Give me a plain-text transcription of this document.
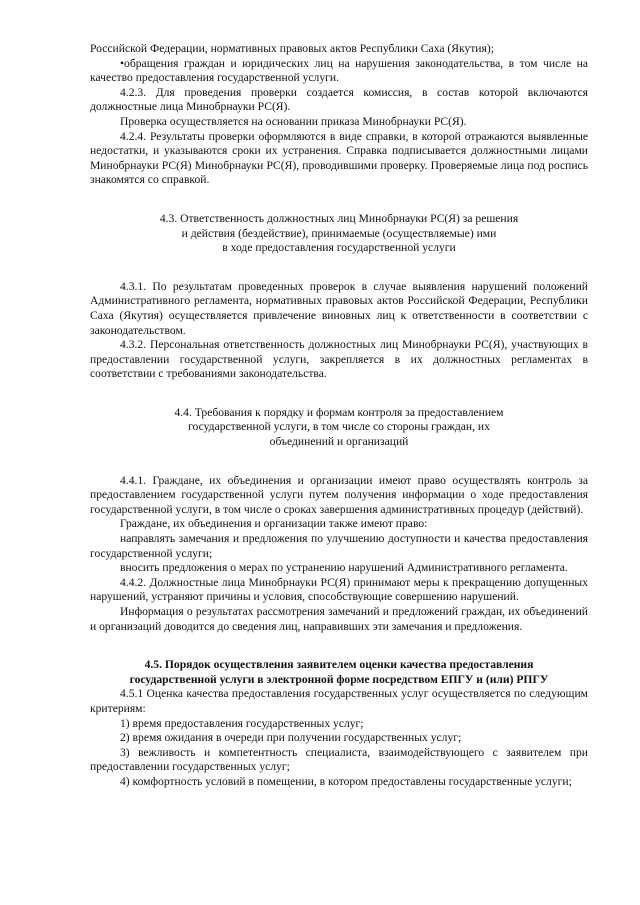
Российской Федерации, нормативных правовых актов Республики Саха (Якутия);

•обращения граждан и юридических лиц на нарушения законодательства, в том числе на качество предоставления государственной услуги.

4.2.3. Для проведения проверки создается комиссия, в состав которой включаются должностные лица Минобрнауки РС(Я).

Проверка осуществляется на основании приказа Минобрнауки РС(Я).

4.2.4. Результаты проверки оформляются в виде справки, в которой отражаются выявленные недостатки, и указываются сроки их устранения. Справка подписывается должностными лицами Минобрнауки РС(Я) Минобрнауки РС(Я), проводившими проверку. Проверяемые лица под роспись знакомятся со справкой.

4.3. Ответственность должностных лиц Минобрнауки РС(Я) за решения

и действия (бездействие), принимаемые (осуществляемые) ими

в ходе предоставления государственной услуги

4.3.1. По результатам проведенных проверок в случае выявления нарушений положений Административного регламента, нормативных правовых актов Российской Федерации, Республики Саха (Якутия) осуществляется привлечение виновных лиц к ответственности в соответствии с законодательством.

4.3.2. Персональная ответственность должностных лиц Минобрнауки РС(Я), участвующих в предоставлении государственной услуги, закрепляется в их должностных регламентах в соответствии с требованиями законодательства.

4.4. Требования к порядку и формам контроля за предоставлением

государственной услуги, в том числе со стороны граждан, их

объединений и организаций

4.4.1. Граждане, их объединения и организации имеют право осуществлять контроль за предоставлением государственной услуги путем получения информации о ходе предоставления государственной услуги, в том числе о сроках завершения административных процедур (действий).

Граждане, их объединения и организации также имеют право:

направлять замечания и предложения по улучшению доступности и качества предоставления государственной услуги;

вносить предложения о мерах по устранению нарушений Административного регламента.

4.4.2. Должностные лица Минобрнауки РС(Я) принимают меры к прекращению допущенных нарушений, устраняют причины и условия, способствующие совершению нарушений.

Информация о результатах рассмотрения замечаний и предложений граждан, их объединений и организаций доводится до сведения лиц, направивших эти замечания и предложения.

4.5. Порядок осуществления заявителем оценки качества предоставления

государственной услуги в электронной форме посредством ЕПГУ и (или) РПГУ

4.5.1 Оценка качества предоставления государственных услуг осуществляется по следующим критериям:

1) время предоставления государственных услуг;

2) время ожидания в очереди при получении государственных услуг;

3) вежливость и компетентность специалиста, взаимодействующего с заявителем при предоставлении государственных услуг;

4) комфортность условий в помещении, в котором предоставлены государственные услуги;
